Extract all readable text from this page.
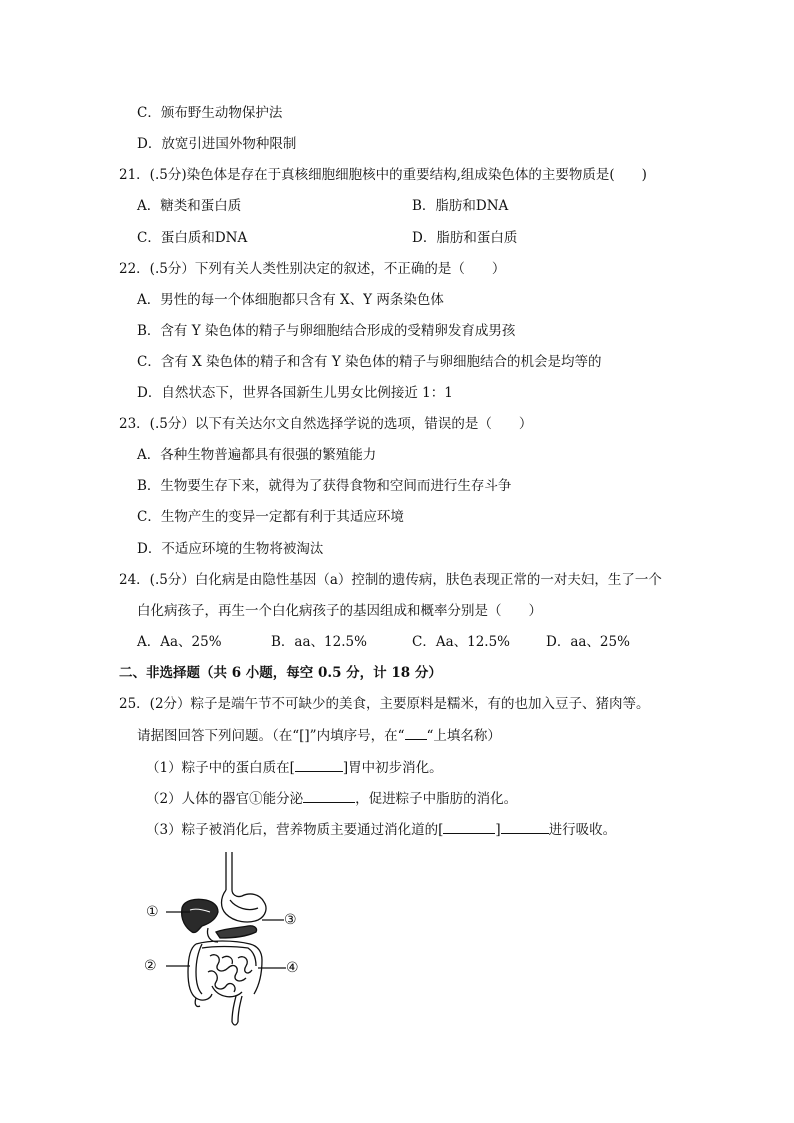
C．颁布野生动物保护法
D．放宽引进国外物种限制
21．(.5分)染色体是存在于真核细胞细胞核中的重要结构,组成染色体的主要物质是(　　)
A．糖类和蛋白质	B．脂肪和DNA
C．蛋白质和DNA	D．脂肪和蛋白质
22．(.5分）下列有关人类性别决定的叙述，不正确的是（　　）
A．男性的每一个体细胞都只含有 X、Y 两条染色体
B．含有 Y 染色体的精子与卵细胞结合形成的受精卵发育成男孩
C．含有 X 染色体的精子和含有 Y 染色体的精子与卵细胞结合的机会是均等的
D．自然状态下，世界各国新生儿男女比例接近 1：1
23．(.5分）以下有关达尔文自然选择学说的选项，错误的是（　　）
A．各种生物普遍都具有很强的繁殖能力
B．生物要生存下来，就得为了获得食物和空间而进行生存斗争
C．生物产生的变异一定都有利于其适应环境
D．不适应环境的生物将被淘汰
24．(.5分）白化病是由隐性基因（a）控制的遗传病，肤色表现正常的一对夫妇，生了一个
白化病孩子，再生一个白化病孩子的基因组成和概率分别是（　　）
A．Aa、25%	B．aa、12.5%	C．Aa、12.5%	D．aa、25%
二、非选择题（共 6 小题，每空 0.5 分，计 18 分）
25．(2分）粽子是端午节不可缺少的美食，主要原料是糯米，有的也加入豆子、猪肉等。
请据图回答下列问题。（在“[]”内填序号，在“ “上填名称）
（1）粽子中的蛋白质在[	]胃中初步消化。
（2）人体的器官①能分泌	，促进粽子中脂肪的消化。
（3）粽子被消化后，营养物质主要通过消化道的[	]	进行吸收。
①	③
②	④
